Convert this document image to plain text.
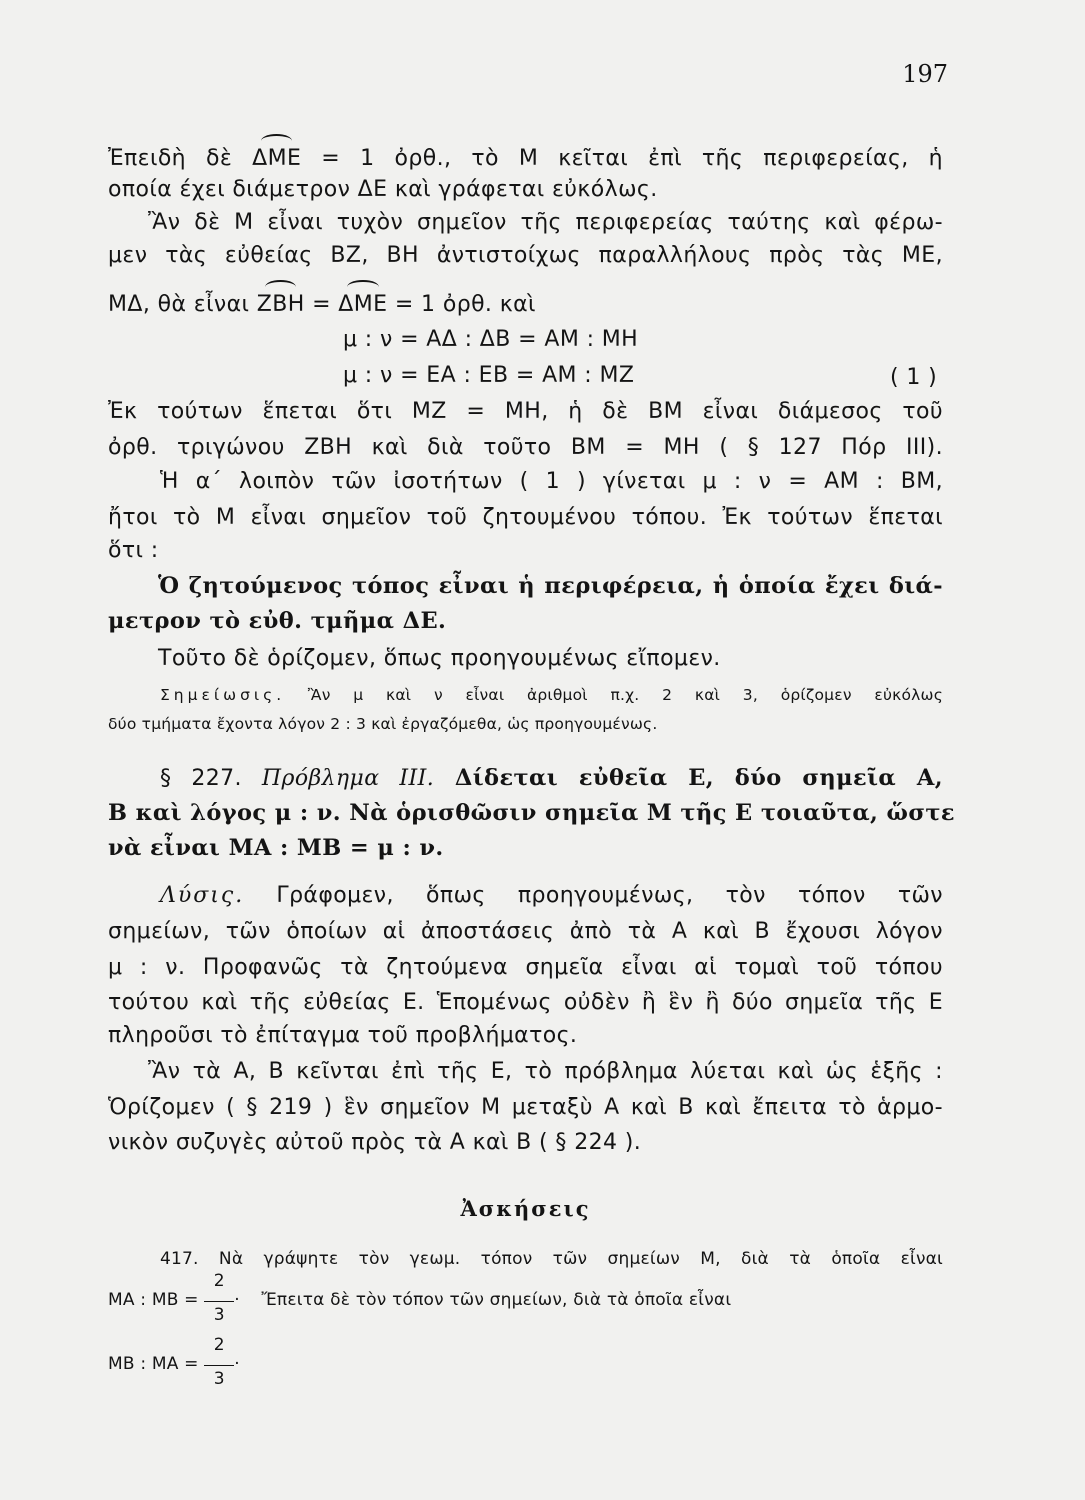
197
Ἐπειδὴ δὲ ΔΜΕ = 1 ὀρθ., τὸ Μ κεῖται ἐπὶ τῆς περιφερείας, ἡ
οποία έχει διάμετρον ΔΕ καὶ γράφεται εὐκόλως.
Ἂν δὲ Μ εἶναι τυχὸν σημεῖον τῆς περιφερείας ταύτης καὶ φέρω-
μεν τὰς εὐθείας ΒΖ, ΒΗ ἀντιστοίχως παραλλήλους πρὸς τὰς ΜΕ,
ΜΔ, θὰ εἶναι ΖΒΗ = ΔΜΕ = 1 ὀρθ. καὶ
μ : ν = ΑΔ : ΔΒ = ΑΜ : ΜΗ
μ : ν = ΕΑ : ΕΒ = ΑΜ : ΜΖ	( 1 )
Ἐκ τούτων ἕπεται ὅτι ΜΖ = ΜΗ, ἡ δὲ ΒΜ εἶναι διάμεσος τοῦ
ὀρθ. τριγώνου ΖΒΗ καὶ διὰ τοῦτο ΒΜ = ΜΗ ( § 127 Πόρ III).
Ἡ α΄ λοιπὸν τῶν ἰσοτήτων ( 1 ) γίνεται μ : ν = ΑΜ : ΒΜ,
ἤτοι τὸ Μ εἶναι σημεῖον τοῦ ζητουμένου τόπου. Ἐκ τούτων ἕπεται
ὅτι :
Ὁ ζητούμενος τόπος εἶναι ἡ περιφέρεια, ἡ ὁποία ἔχει διά-
μετρον τὸ εὐθ. τμῆμα ΔΕ.
Τοῦτο δὲ ὁρίζομεν, ὅπως προηγουμένως εἴπομεν.
Σημείωσις. Ἂν μ καὶ ν εἶναι ἀριθμοὶ π.χ. 2 καὶ 3, ὁρίζομεν εὐκόλως
δύο τμήματα ἔχοντα λόγον 2 : 3 καὶ ἐργαζόμεθα, ὡς προηγουμένως.
§ 227. Πρόβλημα III. Δίδεται εὐθεῖα Ε, δύο σημεῖα Α,
Β καὶ λόγος μ : ν. Νὰ ὁρισθῶσιν σημεῖα Μ τῆς Ε τοιαῦτα, ὥστε
νὰ εἶναι ΜΑ : ΜΒ = μ : ν.
Λύσις. Γράφομεν, ὅπως προηγουμένως, τὸν τόπον τῶν
σημείων, τῶν ὁποίων αἱ ἀποστάσεις ἀπὸ τὰ Α καὶ Β ἔχουσι λόγον
μ : ν. Προφανῶς τὰ ζητούμενα σημεῖα εἶναι αἱ τομαὶ τοῦ τόπου
τούτου καὶ τῆς εὐθείας Ε. Ἑπομένως οὐδὲν ἢ ἓν ἢ δύο σημεῖα τῆς Ε
πληροῦσι τὸ ἐπίταγμα τοῦ προβλήματος.
Ἂν τὰ Α, Β κεῖνται ἐπὶ τῆς Ε, τὸ πρόβλημα λύεται καὶ ὡς ἑξῆς :
Ὁρίζομεν ( § 219 ) ἓν σημεῖον Μ μεταξὺ Α καὶ Β καὶ ἔπειτα τὸ ἁρμο-
νικὸν συζυγὲς αὐτοῦ πρὸς τὰ Α καὶ Β ( § 224 ).
Ἀσκήσεις
417. Νὰ γράψητε τὸν γεωμ. τόπον τῶν σημείων Μ, διὰ τὰ ὁποῖα εἶναι
ΜΑ : $MB = \frac{2}{3}$ · Ἔπειτα δὲ τὸν τόπον τῶν σημείων, διὰ τὰ ὁποῖα εἶναι
ΜΒ : $MA = \frac{2}{3}$ ·
